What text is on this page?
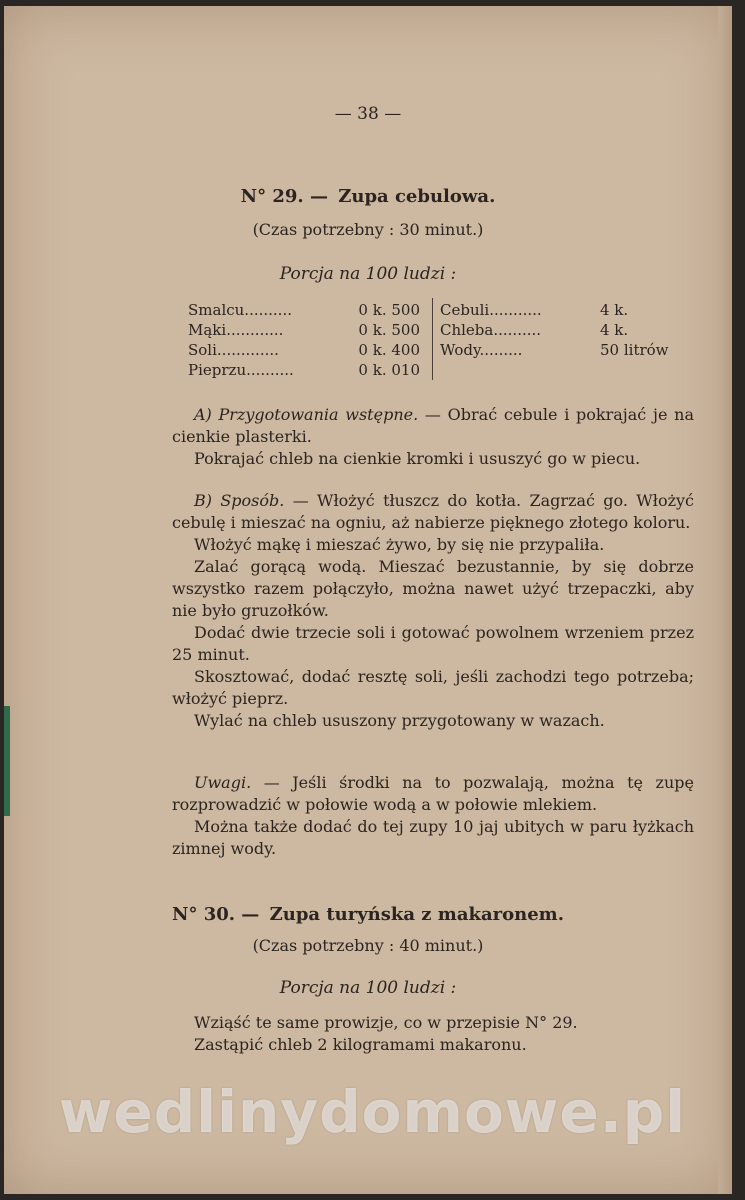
— 38 —
N° 29. — Zupa cebulowa.
(Czas potrzebny : 30 minut.)
Porcja na 100 ludzi :
Smalcu..........	0 k. 500
Mąki............	0 k. 500
Soli.............	0 k. 400
Pieprzu..........	0 k. 010
Cebuli...........	4 k.
Chleba..........	4 k.
Wody.........	50 litrów

A) Przygotowania wstępne. — Obrać cebule i pokrajać je na cienkie plasterki.

Pokrajać chleb na cienkie kromki i ususzyć go w piecu.

B) Sposób. — Włożyć tłuszcz do kotła. Zagrzać go. Włożyć cebulę i mieszać na ogniu, aż nabierze pięknego złotego koloru.

Włożyć mąkę i mieszać żywo, by się nie przypaliła.

Zalać gorącą wodą. Mieszać bezustannie, by się dobrze wszystko razem połączyło, można nawet użyć trzepaczki, aby nie było gruzołków.

Dodać dwie trzecie soli i gotować powolnem wrzeniem przez 25 minut.

Skosztować, dodać resztę soli, jeśli zachodzi tego potrzeba; włożyć pieprz.

Wylać na chleb ususzony przygotowany w wazach.

Uwagi. — Jeśli środki na to pozwalają, można tę zupę rozprowadzić w połowie wodą a w połowie mlekiem.

Można także dodać do tej zupy 10 jaj ubitych w paru łyżkach zimnej wody.

N° 30. — Zupa turyńska z makaronem.
(Czas potrzebny : 40 minut.)
Porcja na 100 ludzi :

Wziąść te same prowizje, co w przepisie N° 29.

Zastąpić chleb 2 kilogramami makaronu.

wedlinydomowe.pl
